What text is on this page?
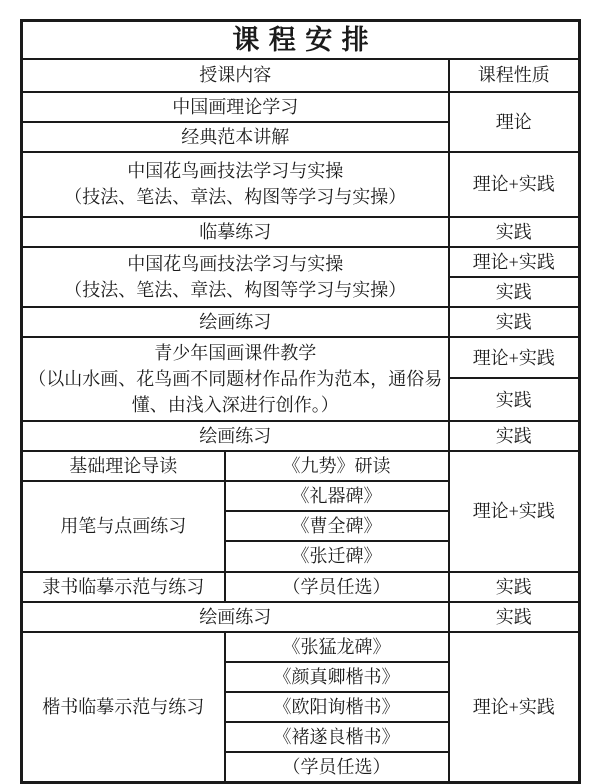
课程安排		
授课内容		课程性质
中国画理论学习		理论
经典范本讲解		

中国花鸟画技法学习与实操
（技法、笔法、章法、构图等学习与实操）		理论+实践
临摹练习		实践

中国花鸟画技法学习与实操
（技法、笔法、章法、构图等学习与实操）		理论+实践
		实践
绘画练习		实践

青少年国画课件教学
（以山水画、花鸟画不同题材作品作为范本，通俗易懂、由浅入深进行创作。）		理论+实践
		实践
绘画练习		实践
基础理论导读	《九势》研读	理论+实践
用笔与点画练习	《礼器碑》	
	《曹全碑》	
	《张迁碑》	
隶书临摹示范与练习	（学员任选）	实践
绘画练习		实践
楷书临摹示范与练习	《张猛龙碑》	理论+实践
	《颜真卿楷书》	
	《欧阳询楷书》	
	《褚遂良楷书》	
	（学员任选）	
